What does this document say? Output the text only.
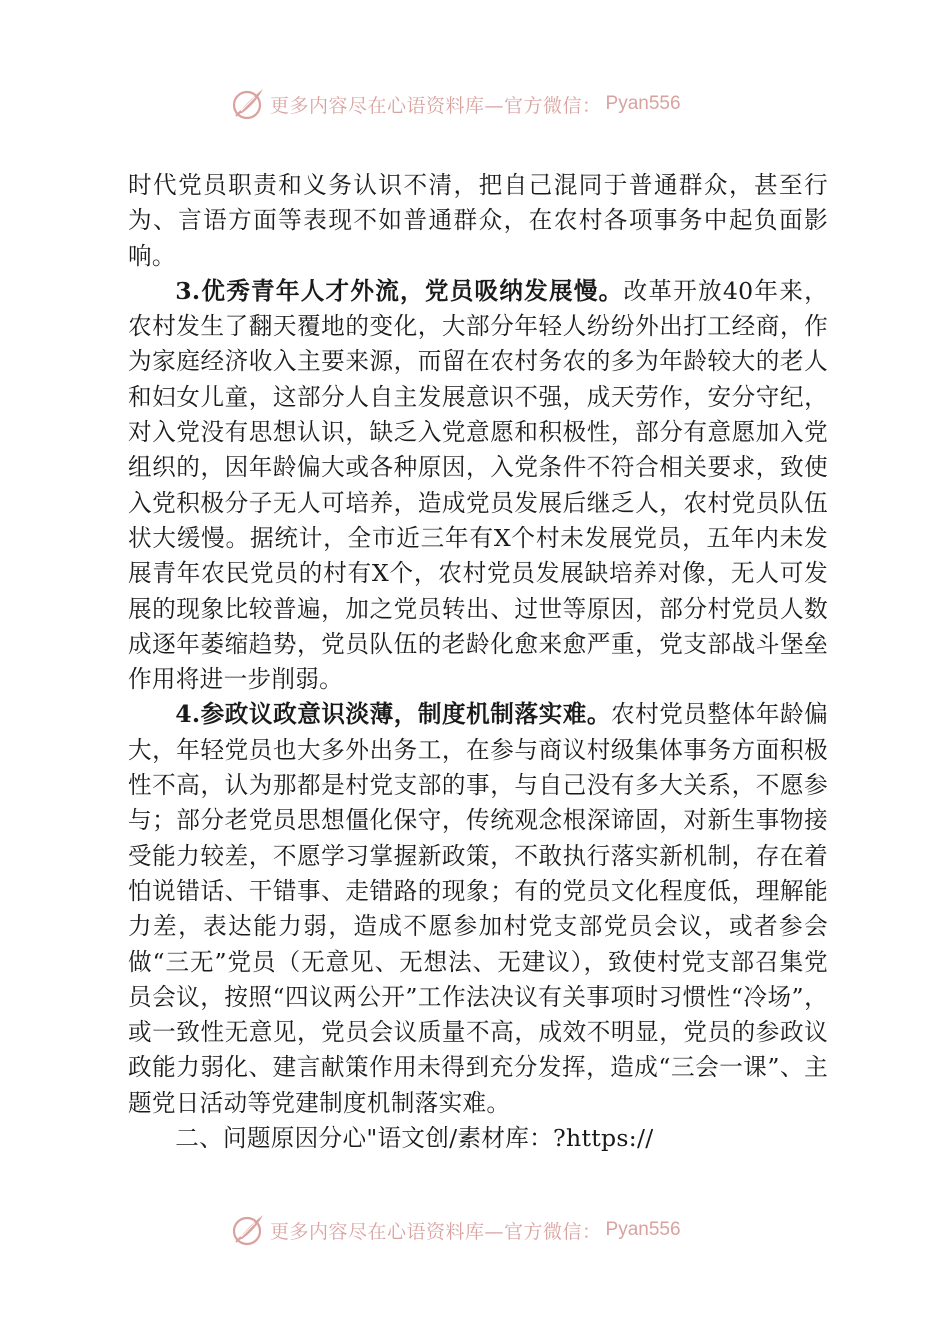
更多内容尽在心语资料库—官方微信： Pyan556

时代党员职责和义务认识不清，把自己混同于普通群众，甚至行为、言语方面等表现不如普通群众，在农村各项事务中起负面影响。

3.优秀青年人才外流，党员吸纳发展慢。改革开放40年来，农村发生了翻天覆地的变化，大部分年轻人纷纷外出打工经商，作为家庭经济收入主要来源，而留在农村务农的多为年龄较大的老人和妇女儿童，这部分人自主发展意识不强，成天劳作，安分守纪，对入党没有思想认识，缺乏入党意愿和积极性，部分有意愿加入党组织的，因年龄偏大或各种原因，入党条件不符合相关要求，致使入党积极分子无人可培养，造成党员发展后继乏人，农村党员队伍状大缓慢。据统计，全市近三年有X个村未发展党员，五年内未发展青年农民党员的村有X个，农村党员发展缺培养对像，无人可发展的现象比较普遍，加之党员转出、过世等原因，部分村党员人数成逐年萎缩趋势，党员队伍的老龄化愈来愈严重，党支部战斗堡垒作用将进一步削弱。

4.参政议政意识淡薄，制度机制落实难。农村党员整体年龄偏大，年轻党员也大多外出务工，在参与商议村级集体事务方面积极性不高，认为那都是村党支部的事，与自己没有多大关系，不愿参与；部分老党员思想僵化保守，传统观念根深谛固，对新生事物接受能力较差，不愿学习掌握新政策，不敢执行落实新机制，存在着怕说错话、干错事、走错路的现象；有的党员文化程度低，理解能力差，表达能力弱，造成不愿参加村党支部党员会议，或者参会做“三无”党员（无意见、无想法、无建议），致使村党支部召集党员会议，按照“四议两公开”工作法决议有关事项时习惯性“冷场”，或一致性无意见，党员会议质量不高，成效不明显，党员的参政议政能力弱化、建言献策作用未得到充分发挥，造成“三会一课”、主题党日活动等党建制度机制落实难。

二、问题原因分心"语文创/素材库：?https://

更多内容尽在心语资料库—官方微信： Pyan556
